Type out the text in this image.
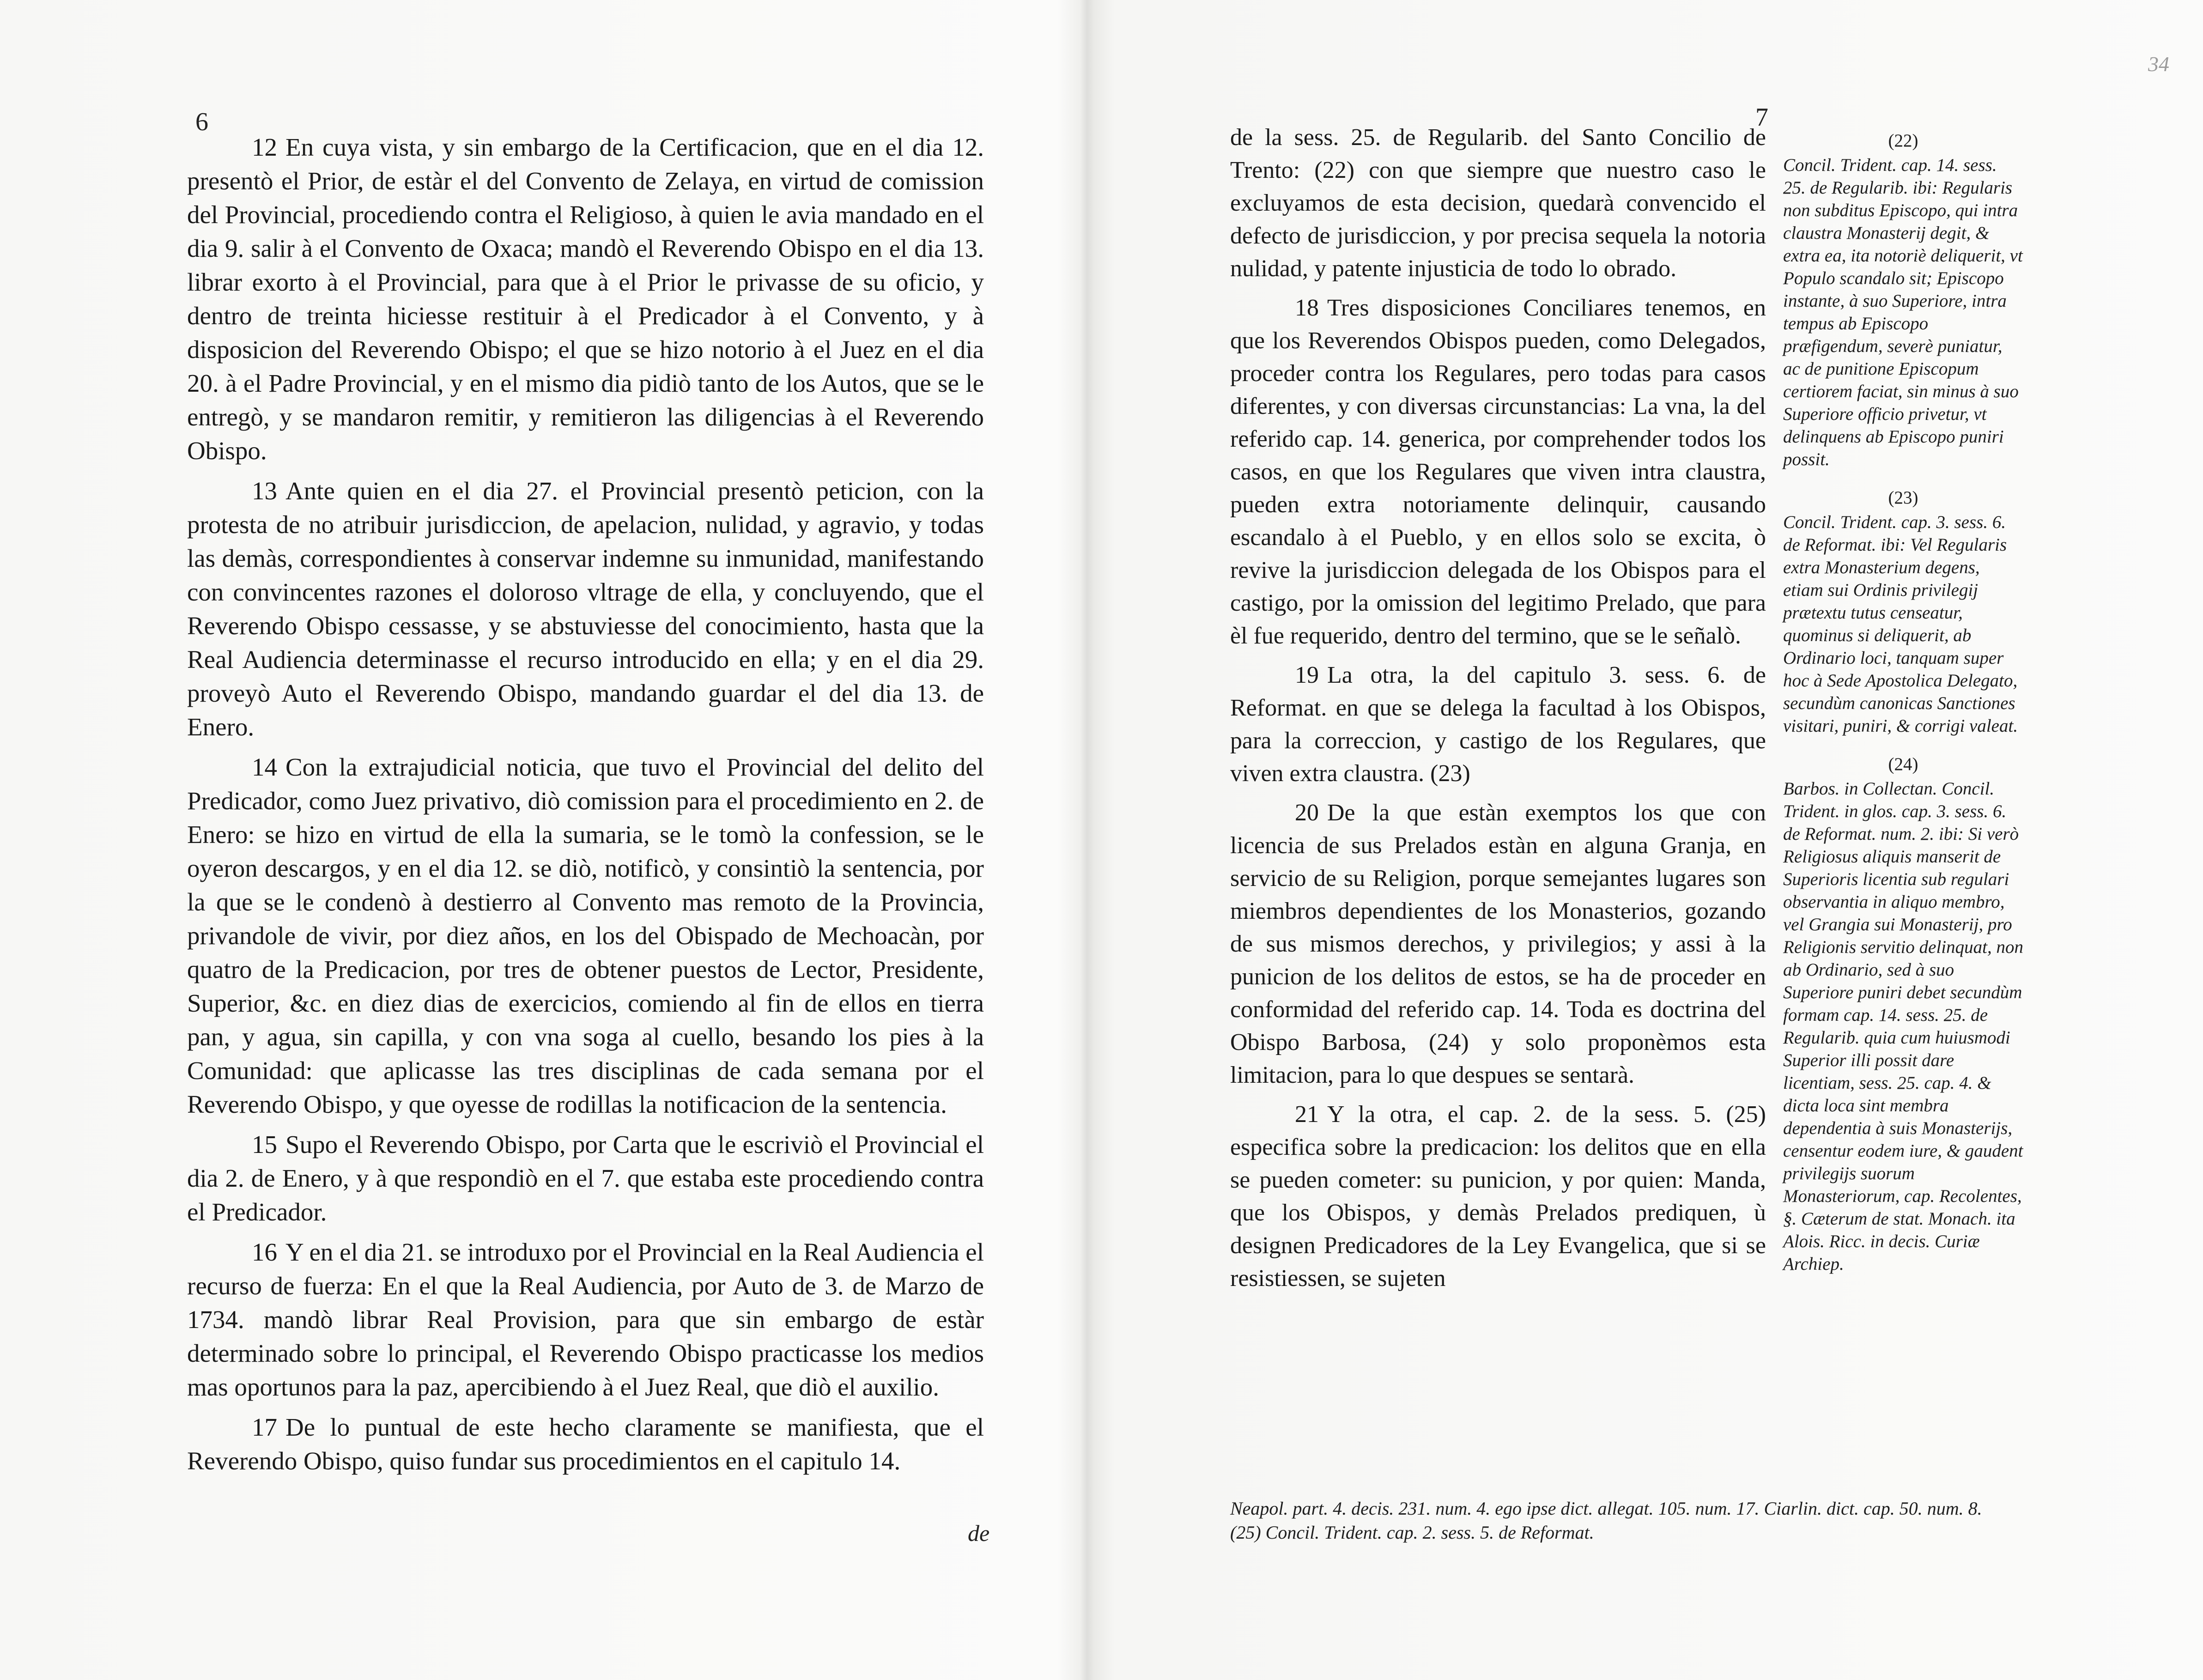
6

12 En cuya vista, y sin embargo de la Certificacion, que en el dia 12. presentò el Prior, de estàr el del Convento de Zelaya, en virtud de comission del Provincial, procediendo contra el Religioso, à quien le avia mandado en el dia 9. salir à el Convento de Oxaca; mandò el Reverendo Obispo en el dia 13. librar exorto à el Provincial, para que à el Prior le privasse de su oficio, y dentro de treinta hiciesse restituir à el Predicador à el Convento, y à disposicion del Reverendo Obispo; el que se hizo notorio à el Juez en el dia 20. à el Padre Provincial, y en el mismo dia pidiò tanto de los Autos, que se le entregò, y se mandaron remitir, y remitieron las diligencias à el Reverendo Obispo.

13 Ante quien en el dia 27. el Provincial presentò peticion, con la protesta de no atribuir jurisdiccion, de apelacion, nulidad, y agravio, y todas las demàs, correspondientes à conservar indemne su inmunidad, manifestando con convincentes razones el doloroso vltrage de ella, y concluyendo, que el Reverendo Obispo cessasse, y se abstuviesse del conocimiento, hasta que la Real Audiencia determinasse el recurso introducido en ella; y en el dia 29. proveyò Auto el Reverendo Obispo, mandando guardar el del dia 13. de Enero.

14 Con la extrajudicial noticia, que tuvo el Provincial del delito del Predicador, como Juez privativo, diò comission para el procedimiento en 2. de Enero: se hizo en virtud de ella la sumaria, se le tomò la confession, se le oyeron descargos, y en el dia 12. se diò, notificò, y consintiò la sentencia, por la que se le condenò à destierro al Convento mas remoto de la Provincia, privandole de vivir, por diez años, en los del Obispado de Mechoacàn, por quatro de la Predicacion, por tres de obtener puestos de Lector, Presidente, Superior, &c. en diez dias de exercicios, comiendo al fin de ellos en tierra pan, y agua, sin capilla, y con vna soga al cuello, besando los pies à la Comunidad: que aplicasse las tres disciplinas de cada semana por el Reverendo Obispo, y que oyesse de rodillas la notificacion de la sentencia.

15 Supo el Reverendo Obispo, por Carta que le escriviò el Provincial el dia 2. de Enero, y à que respondiò en el 7. que estaba este procediendo contra el Predicador.

16 Y en el dia 21. se introduxo por el Provincial en la Real Audiencia el recurso de fuerza: En el que la Real Audiencia, por Auto de 3. de Marzo de 1734. mandò librar Real Provision, para que sin embargo de estàr determinado sobre lo principal, el Reverendo Obispo practicasse los medios mas oportunos para la paz, apercibiendo à el Juez Real, que diò el auxilio.

17 De lo puntual de este hecho claramente se manifiesta, que el Reverendo Obispo, quiso fundar sus procedimientos en el capitulo 14.

de
34
7

de la sess. 25. de Regularib. del Santo Concilio de Trento: (22) con que siempre que nuestro caso le excluyamos de esta decision, quedarà convencido el defecto de jurisdiccion, y por precisa sequela la notoria nulidad, y patente injusticia de todo lo obrado.

18 Tres disposiciones Conciliares tenemos, en que los Reverendos Obispos pueden, como Delegados, proceder contra los Regulares, pero todas para casos diferentes, y con diversas circunstancias: La vna, la del referido cap. 14. generica, por comprehender todos los casos, en que los Regulares que viven intra claustra, pueden extra notoriamente delinquir, causando escandalo à el Pueblo, y en ellos solo se excita, ò revive la jurisdiccion delegada de los Obispos para el castigo, por la omission del legitimo Prelado, que para èl fue requerido, dentro del termino, que se le señalò.

19 La otra, la del capitulo 3. sess. 6. de Reformat. en que se delega la facultad à los Obispos, para la correccion, y castigo de los Regulares, que viven extra claustra. (23)

20 De la que estàn exemptos los que con licencia de sus Prelados estàn en alguna Granja, en servicio de su Religion, porque semejantes lugares son miembros dependientes de los Monasterios, gozando de sus mismos derechos, y privilegios; y assi à la punicion de los delitos de estos, se ha de proceder en conformidad del referido cap. 14. Toda es doctrina del Obispo Barbosa, (24) y solo proponèmos esta limitacion, para lo que despues se sentarà.

21 Y la otra, el cap. 2. de la sess. 5. (25) especifica sobre la predicacion: los delitos que en ella se pueden cometer: su punicion, y por quien: Manda, que los Obispos, y demàs Prelados prediquen, ù designen Predicadores de la Ley Evangelica, que si se resistiessen, se sujeten

(22)
Concil. Trident. cap. 14. sess. 25. de Regularib. ibi: Regularis non subditus Episcopo, qui intra claustra Monasterij degit, & extra ea, ita notoriè deliquerit, vt Populo scandalo sit; Episcopo instante, à suo Superiore, intra tempus ab Episcopo præfigendum, severè puniatur, ac de punitione Episcopum certiorem faciat, sin minus à suo Superiore officio privetur, vt delinquens ab Episcopo puniri possit.
(23)
Concil. Trident. cap. 3. sess. 6. de Reformat. ibi: Vel Regularis extra Monasterium degens, etiam sui Ordinis privilegij prætextu tutus censeatur, quominus si deliquerit, ab Ordinario loci, tanquam super hoc à Sede Apostolica Delegato, secundùm canonicas Sanctiones visitari, puniri, & corrigi valeat.
(24)
Barbos. in Collectan. Concil. Trident. in glos. cap. 3. sess. 6. de Reformat. num. 2. ibi: Si verò Religiosus aliquis manserit de Superioris licentia sub regulari observantia in aliquo membro, vel Grangia sui Monasterij, pro Religionis servitio delinquat, non ab Ordinario, sed à suo Superiore puniri debet secundùm formam cap. 14. sess. 25. de Regularib. quia cum huiusmodi Superior illi possit dare licentiam, sess. 25. cap. 4. & dicta loca sint membra dependentia à suis Monasterijs, censentur eodem iure, & gaudent privilegijs suorum Monasteriorum, cap. Recolentes, §. Cæterum de stat. Monach. ita Alois. Ricc. in decis. Curiæ Archiep.

Neapol. part. 4. decis. 231. num. 4. ego ipse dict. allegat. 105. num. 17. Ciarlin. dict. cap. 50. num. 8.

(25) Concil. Trident. cap. 2. sess. 5. de Reformat.
